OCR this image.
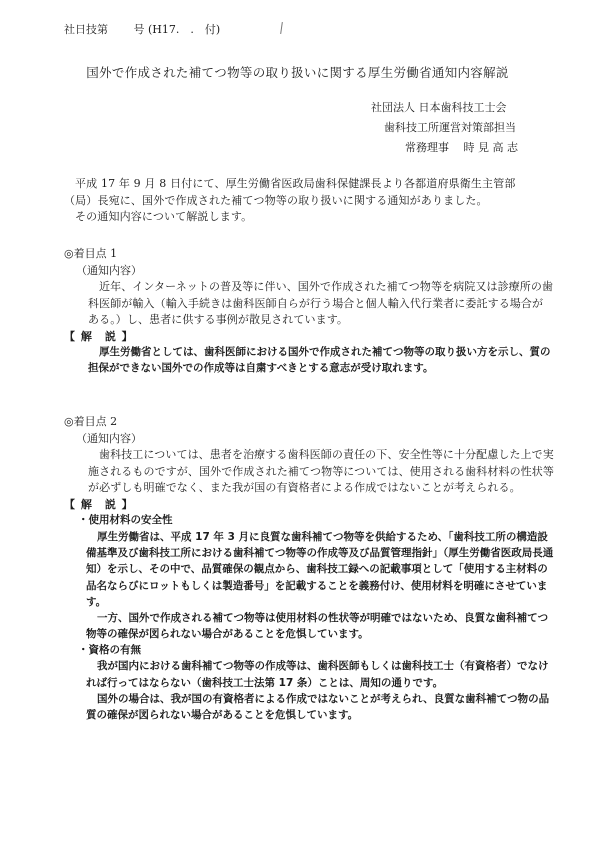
社日技第 　　号 (H17.　.　付)
国外で作成された補てつ物等の取り扱いに関する厚生労働省通知内容解説
社団法人 日本歯科技工士会
歯科技工所運営対策部担当
常務理事　 時 見 高 志

平成 17 年 9 月 8 日付にて、厚生労働省医政局歯科保健課長より各都道府県衛生主管部（局）長宛に、国外で作成された補てつ物等の取り扱いに関する通知がありました。

その通知内容について解説します。

◎着目点 1

（通知内容）

近年、インターネットの普及等に伴い、国外で作成された補てつ物等を病院又は診療所の歯科医師が輸入（輸入手続きは歯科医師自らが行う場合と個人輸入代行業者に委託する場合がある。）し、患者に供する事例が散見されています。

【 解　説 】

厚生労働省としては、歯科医師における国外で作成された補てつ物等の取り扱い方を示し、質の担保ができない国外での作成等は自粛すべきとする意志が受け取れます。

◎着目点 2

（通知内容）

歯科技工については、患者を治療する歯科医師の責任の下、安全性等に十分配慮した上で実施されるものですが、国外で作成された補てつ物等については、使用される歯科材料の性状等が必ずしも明確でなく、また我が国の有資格者による作成ではないことが考えられる。

【 解　説 】

・使用材料の安全性

厚生労働省は、平成 17 年 3 月に良質な歯科補てつ物等を供給するため、「歯科技工所の構造設備基準及び歯科技工所における歯科補てつ物等の作成等及び品質管理指針」（厚生労働省医政局長通知）を示し、その中で、品質確保の観点から、歯科技工録への記載事項として「使用する主材料の品名ならびにロットもしくは製造番号」を記載することを義務付け、使用材料を明確にさせています。

一方、国外で作成される補てつ物等は使用材料の性状等が明確ではないため、良質な歯科補てつ物等の確保が図られない場合があることを危惧しています。

・資格の有無

我が国内における歯科補てつ物等の作成等は、歯科医師もしくは歯科技工士（有資格者）でなければ行ってはならない（歯科技工士法第 17 条）ことは、周知の通りです。

国外の場合は、我が国の有資格者による作成ではないことが考えられ、良質な歯科補てつ物の品質の確保が図られない場合があることを危惧しています。
